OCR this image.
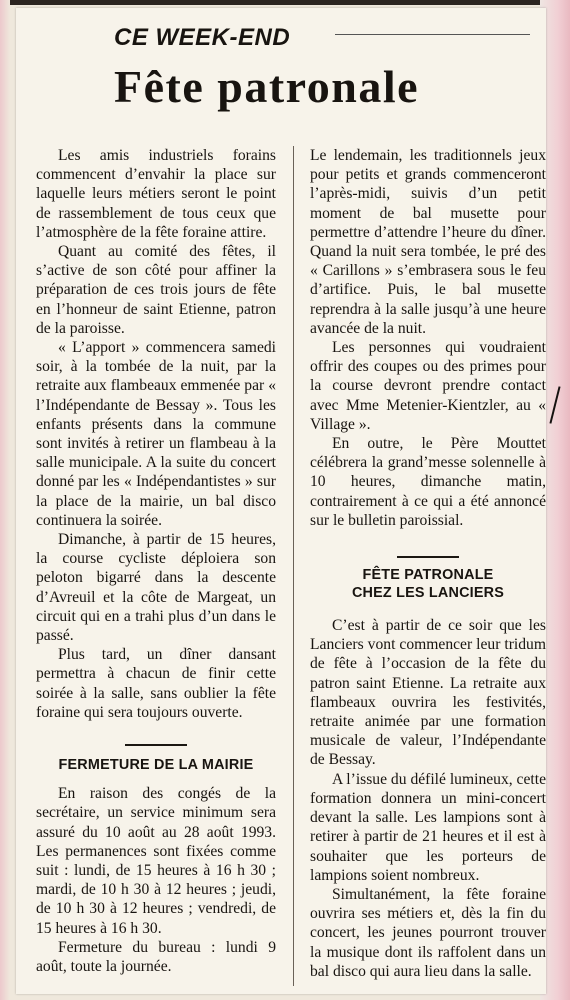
CE WEEK-END
Fête patronale

Les amis industriels forains commencent d’envahir la place sur laquelle leurs métiers seront le point de rassemblement de tous ceux que l’atmosphère de la fête foraine attire.

Quant au comité des fêtes, il s’active de son côté pour affiner la préparation de ces trois jours de fête en l’honneur de saint Etienne, patron de la paroisse.

« L’apport » commencera samedi soir, à la tombée de la nuit, par la retraite aux flambeaux emmenée par « l’Indépendante de Bessay ». Tous les enfants présents dans la commune sont invités à retirer un flambeau à la salle municipale. A la suite du concert donné par les « Indépendantistes » sur la place de la mairie, un bal disco continuera la soirée.

Dimanche, à partir de 15 heures, la course cycliste déploiera son peloton bigarré dans la descente d’Avreuil et la côte de Margeat, un circuit qui en a trahi plus d’un dans le passé.

Plus tard, un dîner dansant permettra à chacun de finir cette soirée à la salle, sans oublier la fête foraine qui sera toujours ouverte.

FERMETURE DE LA MAIRIE

En raison des congés de la secrétaire, un service minimum sera assuré du 10 août au 28 août 1993. Les permanences sont fixées comme suit : lundi, de 15 heures à 16 h 30 ; mardi, de 10 h 30 à 12 heures ; jeudi, de 10 h 30 à 12 heures ; vendredi, de 15 heures à 16 h 30.

Fermeture du bureau : lundi 9 août, toute la journée.

Le lendemain, les traditionnels jeux pour petits et grands commenceront l’après-midi, suivis d’un petit moment de bal musette pour permettre d’attendre l’heure du dîner. Quand la nuit sera tombée, le pré des « Carillons » s’embrasera sous le feu d’artifice. Puis, le bal musette reprendra à la salle jusqu’à une heure avancée de la nuit.

Les personnes qui voudraient offrir des coupes ou des primes pour la course devront prendre contact avec Mme Metenier-Kientzler, au « Village ».

En outre, le Père Mouttet célébrera la grand’messe solennelle à 10 heures, dimanche matin, contrairement à ce qui a été annoncé sur le bulletin paroissial.

FÊTE PATRONALE
CHEZ LES LANCIERS

C’est à partir de ce soir que les Lanciers vont commencer leur tridum de fête à l’occasion de la fête du patron saint Etienne. La retraite aux flambeaux ouvrira les festivités, retraite animée par une formation musicale de valeur, l’Indépendante de Bessay.

A l’issue du défilé lumineux, cette formation donnera un mini-concert devant la salle. Les lampions sont à retirer à partir de 21 heures et il est à souhaiter que les porteurs de lampions soient nombreux.

Simultanément, la fête foraine ouvrira ses métiers et, dès la fin du concert, les jeunes pourront trouver la musique dont ils raffolent dans un bal disco qui aura lieu dans la salle.
